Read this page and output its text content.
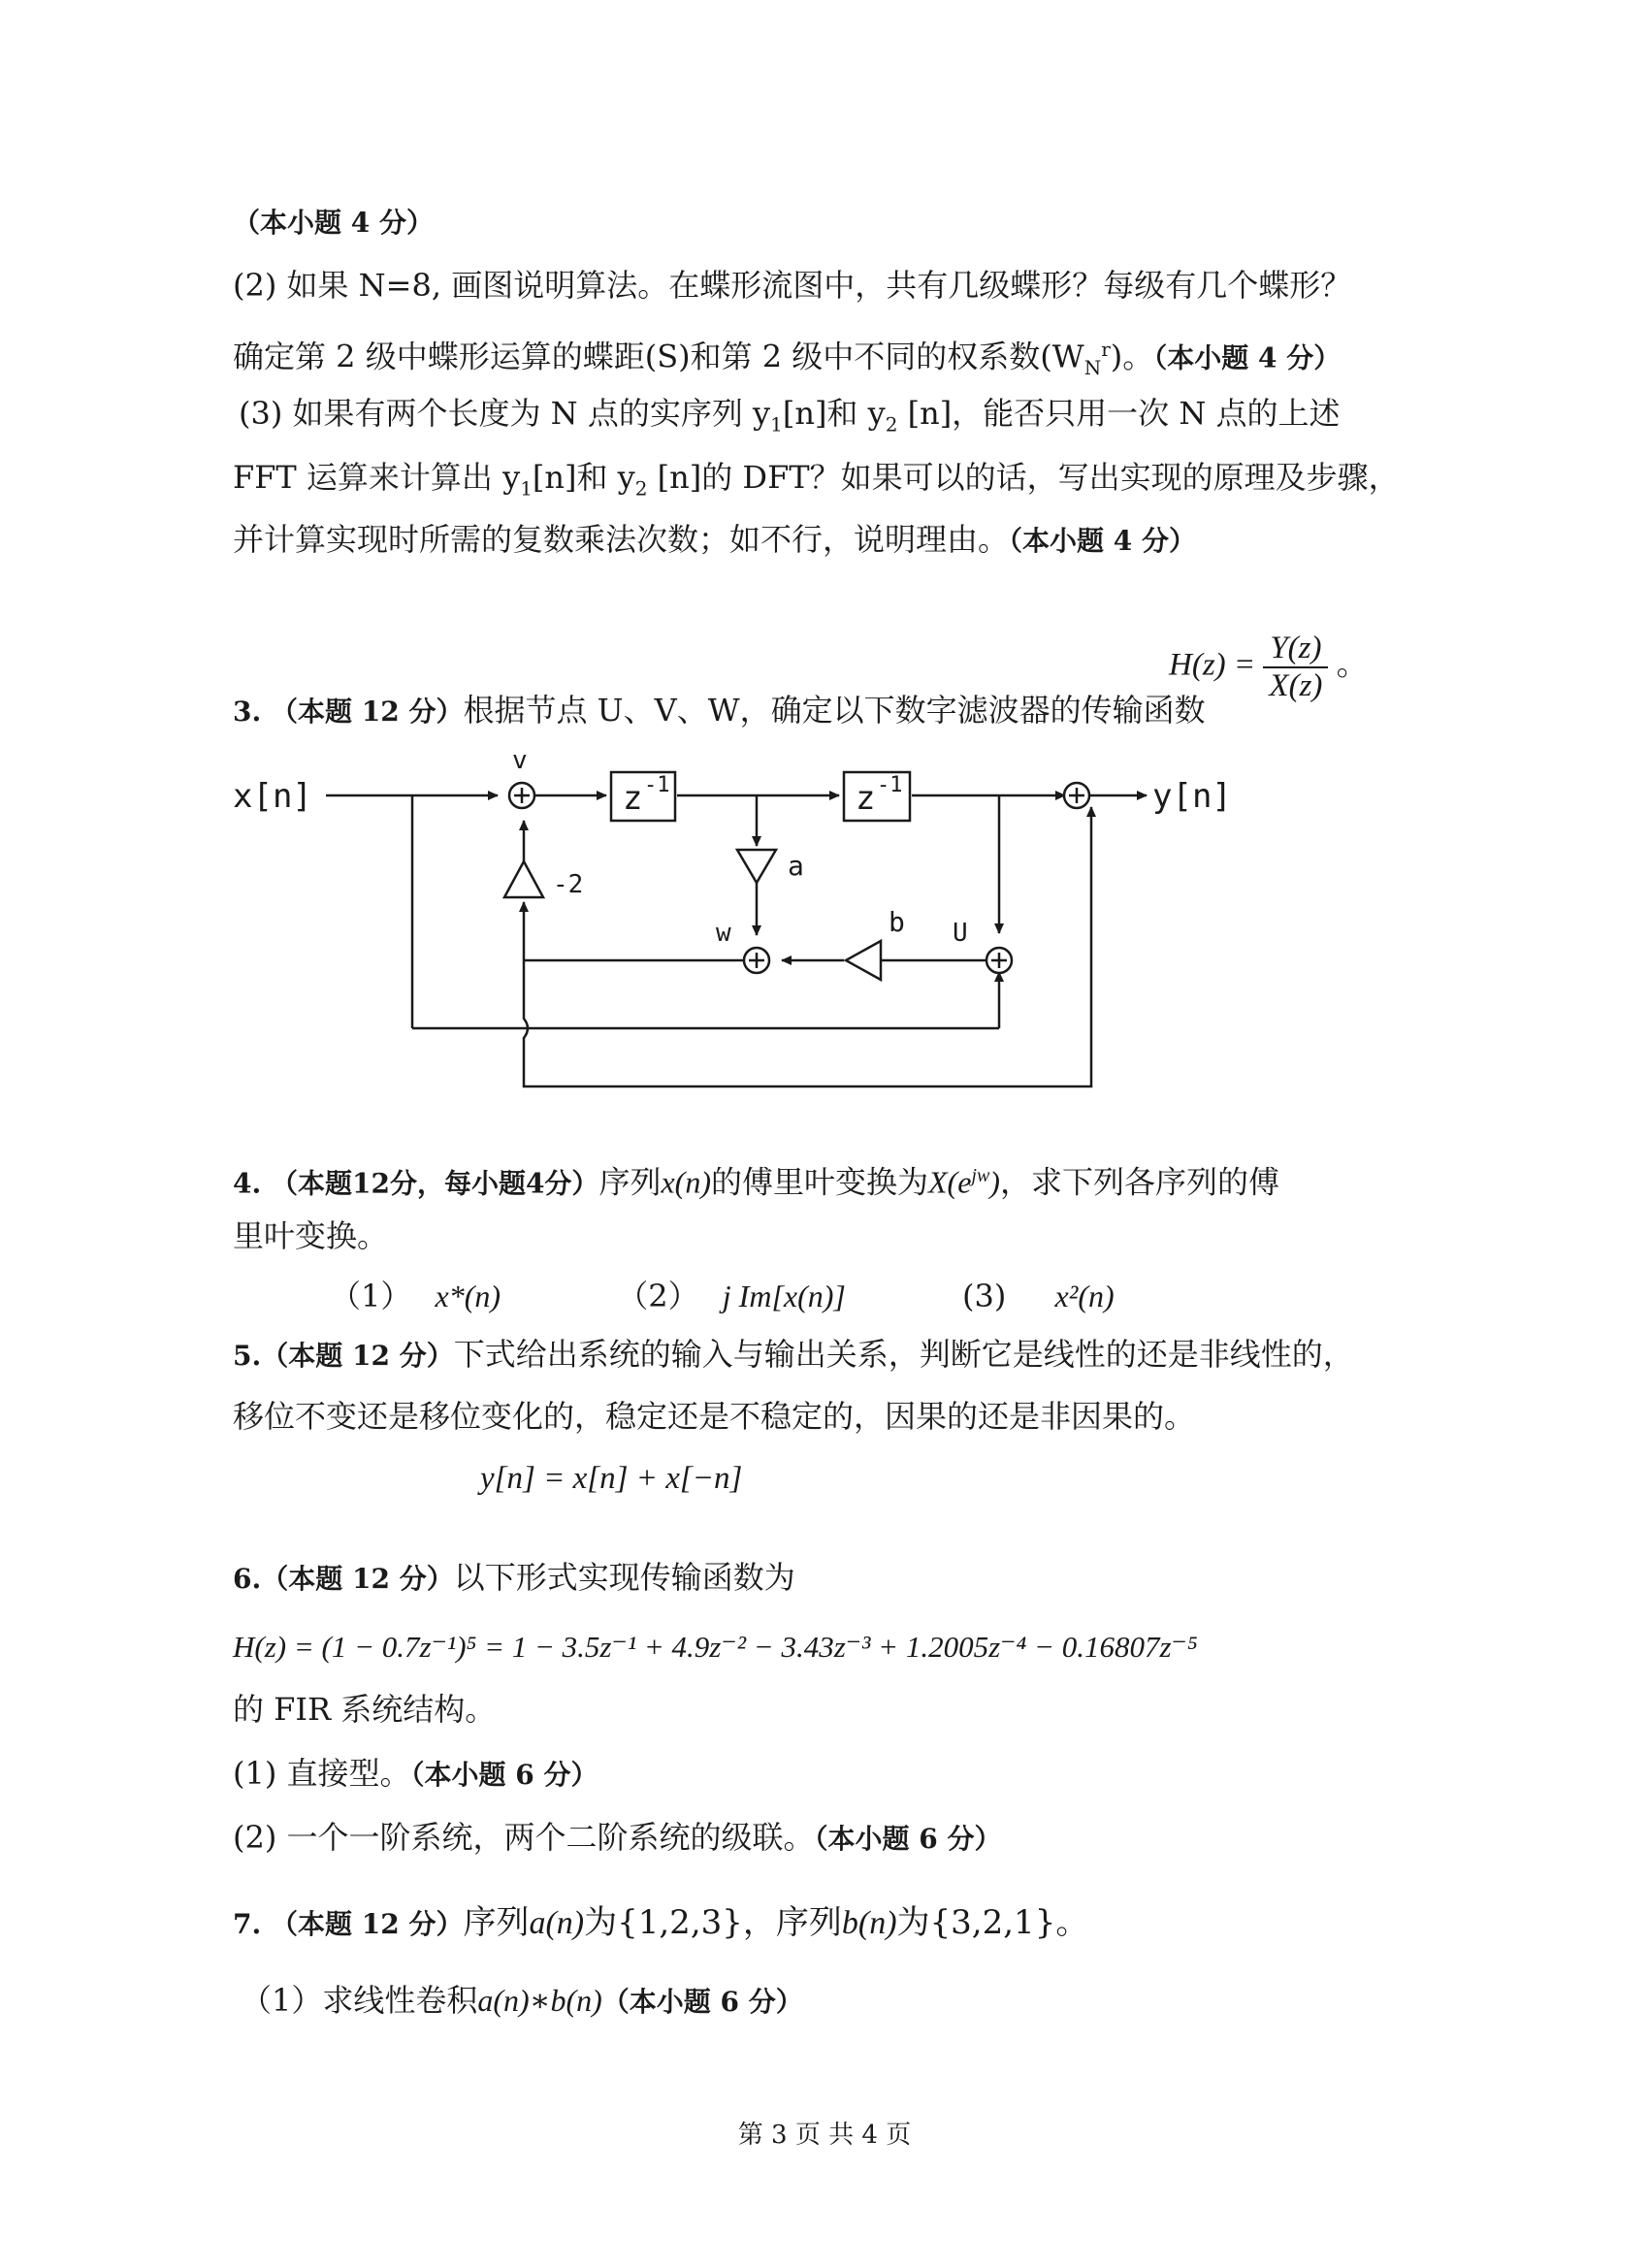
（本小题 4 分）
(2) 如果 N=8, 画图说明算法。在蝶形流图中，共有几级蝶形？每级有几个蝶形？
确定第 2 级中蝶形运算的蝶距(S)和第 2 级中不同的权系数$(W_N^r)$。（本小题 4 分）
(3) 如果有两个长度为 N 点的实序列 $y_1[n]$和 $y_2$ [n]，能否只用一次 N 点的上述
FFT 运算来计算出 $y_1[n]$和 $y_2$ [n]的 DFT？如果可以的话，写出实现的原理及步骤，
并计算实现时所需的复数乘法次数；如不行，说明理由。（本小题 4 分）
3. （本题 12 分）根据节点 U、V、W，确定以下数字滤波器的传输函数
$H(z) = \frac{Y(z)}{X(z)}$ 。
z -1	z -1
x[n]	y[n]
v
w	U
-2
a
b
4. （本题12分，每小题4分）序列x(n)的傅里叶变换为$X(e^{jw})$，求下列各序列的傅
里叶变换。
（1） x*(n)	（2） j Im[x(n)]	(3) x²(n)
5.（本题 12 分）下式给出系统的输入与输出关系，判断它是线性的还是非线性的，
移位不变还是移位变化的，稳定还是不稳定的，因果的还是非因果的。
y[n] = x[n] + x[−n]
6.（本题 12 分）以下形式实现传输函数为
H(z) = (1 − 0.7z⁻¹)⁵ = 1 − 3.5z⁻¹ + 4.9z⁻² − 3.43z⁻³ + 1.2005z⁻⁴ − 0.16807z⁻⁵
的 FIR 系统结构。
(1) 直接型。（本小题 6 分）
(2) 一个一阶系统，两个二阶系统的级联。（本小题 6 分）
7. （本题 12 分）序列a(n)为{1,2,3}，序列b(n)为{3,2,1}。
（1）求线性卷积a(n)∗b(n)（本小题 6 分）
第 3 页 共 4 页
